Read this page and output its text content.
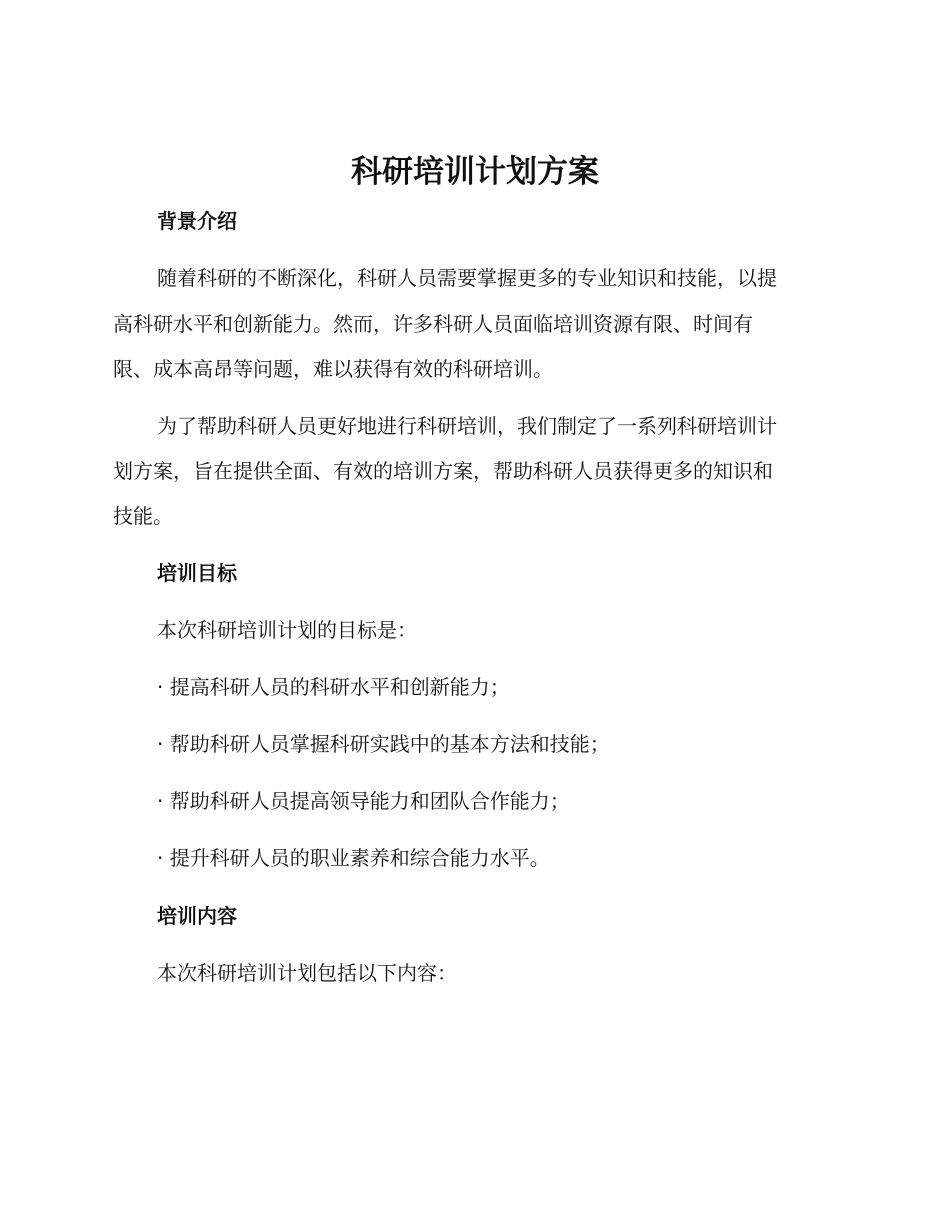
科研培训计划方案

背景介绍

随着科研的不断深化，科研人员需要掌握更多的专业知识和技能，以提

高科研水平和创新能力。然而，许多科研人员面临培训资源有限、时间有

限、成本高昂等问题，难以获得有效的科研培训。

为了帮助科研人员更好地进行科研培训，我们制定了一系列科研培训计

划方案，旨在提供全面、有效的培训方案，帮助科研人员获得更多的知识和

技能。

培训目标

本次科研培训计划的目标是：

· 提高科研人员的科研水平和创新能力；

· 帮助科研人员掌握科研实践中的基本方法和技能；

· 帮助科研人员提高领导能力和团队合作能力；

· 提升科研人员的职业素养和综合能力水平。

培训内容

本次科研培训计划包括以下内容：
